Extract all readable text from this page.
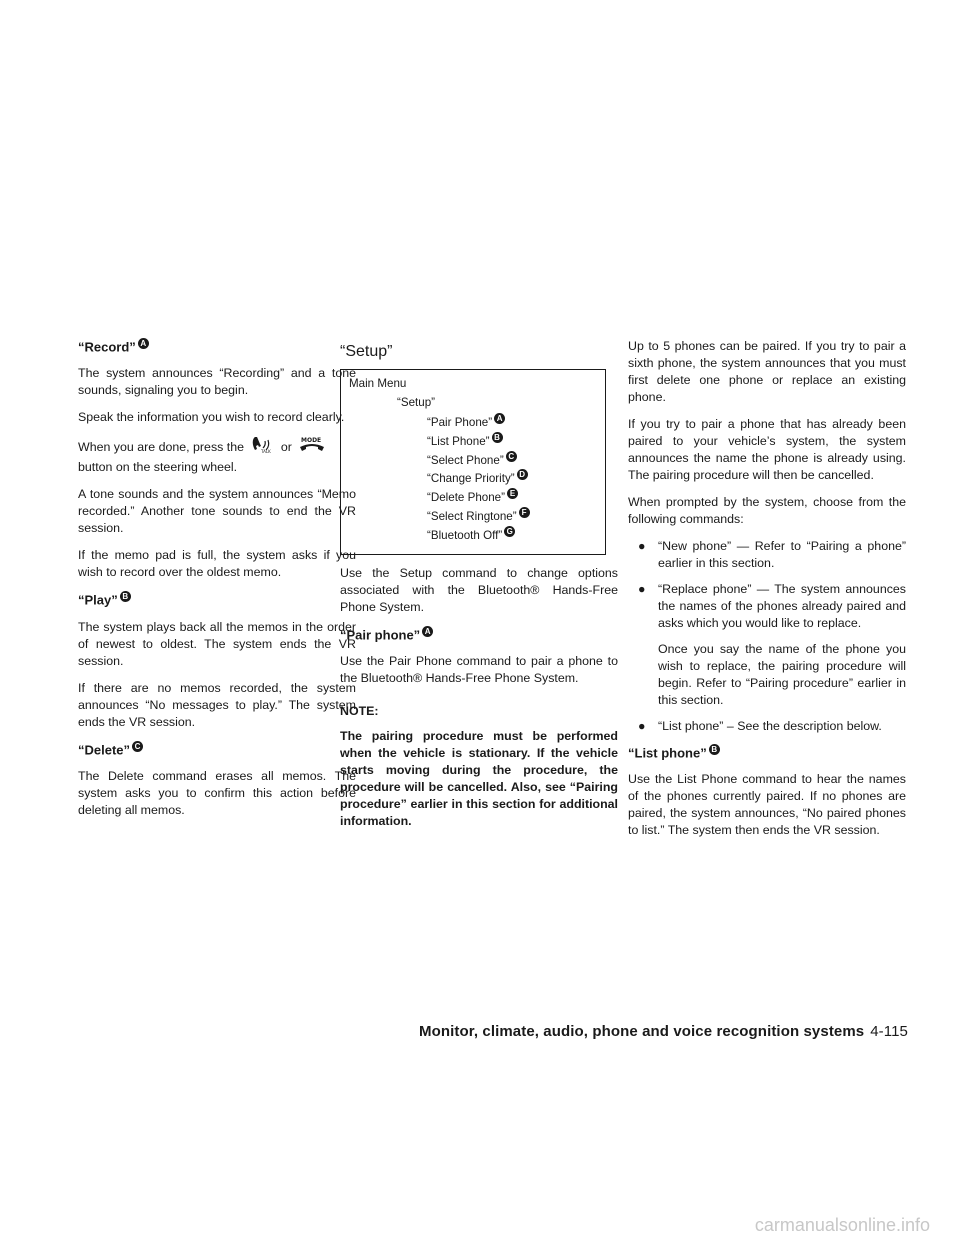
“Record” A

The system announces “Recording” and a tone sounds, signaling you to begin.

Speak the information you wish to record clearly.

When you are done, press the	TALK or MODE

button on the steering wheel.

A tone sounds and the system announces “Memo recorded.” Another tone sounds to end the VR session.

If the memo pad is full, the system asks if you wish to record over the oldest memo.

“Play” B

The system plays back all the memos in the order of newest to oldest. The system ends the VR session.

If there are no memos recorded, the system announces “No messages to play.” The system ends the VR session.

“Delete” C

The Delete command erases all memos. The system asks you to confirm this action before deleting all memos.

“Setup”
Main Menu
“Setup”
“Pair Phone” A
“List Phone” B
“Select Phone” C
“Change Priority” D
“Delete Phone” E
“Select Ringtone” F
“Bluetooth Off” G

Use the Setup command to change options associated with the Bluetooth® Hands-Free Phone System.

“Pair phone” A

Use the Pair Phone command to pair a phone to the Bluetooth® Hands-Free Phone System.

NOTE:

The pairing procedure must be performed when the vehicle is stationary. If the vehicle starts moving during the procedure, the procedure will be cancelled. Also, see “Pairing procedure” earlier in this section for additional information.

Up to 5 phones can be paired. If you try to pair a sixth phone, the system announces that you must first delete one phone or replace an existing phone.

If you try to pair a phone that has already been paired to your vehicle’s system, the system announces the name the phone is already using. The pairing procedure will then be cancelled.

When prompted by the system, choose from the following commands:

● “New phone” — Refer to “Pairing a phone” earlier in this section.
● “Replace phone” — The system announces the names of the phones already paired and asks which you would like to replace.
Once you say the name of the phone you wish to replace, the pairing procedure will begin. Refer to “Pairing procedure” earlier in this section.
● “List phone” – See the description below.
“List phone” B

Use the List Phone command to hear the names of the phones currently paired. If no phones are paired, the system announces, “No paired phones to list.” The system then ends the VR session.

Monitor, climate, audio, phone and voice recognition systems 4-115
carmanualsonline.info
